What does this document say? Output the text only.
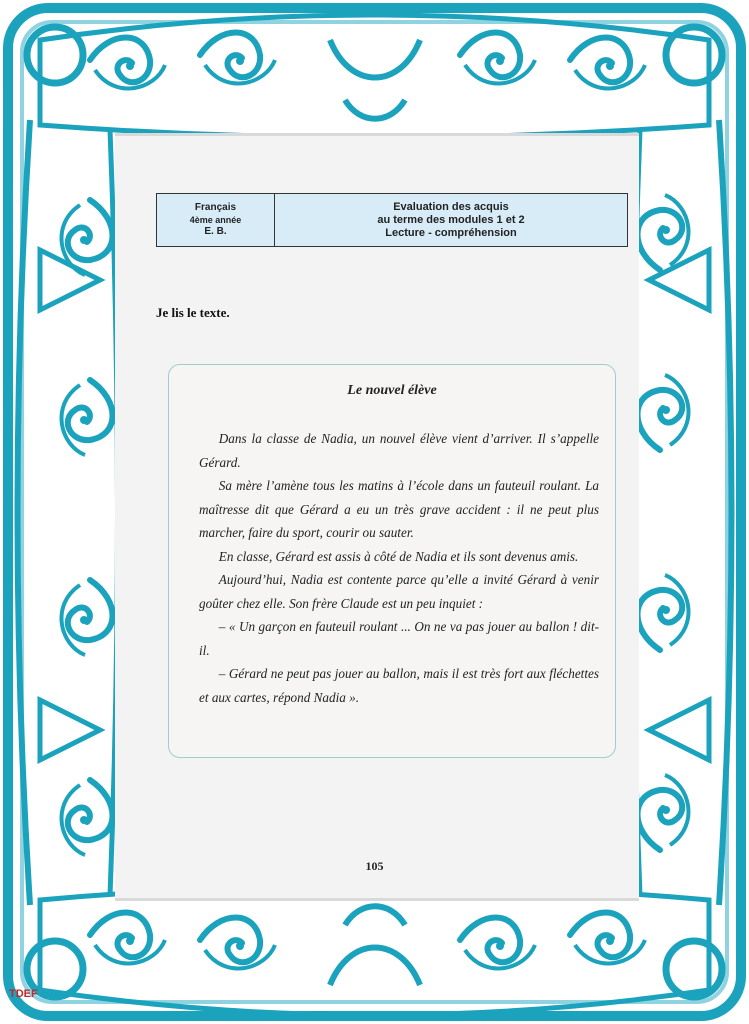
Français
4ème année
E. B.
Evaluation des acquis
au terme des modules 1 et 2
Lecture - compréhension
Je lis le texte.
Le nouvel élève

  Dans la classe de Nadia, un nouvel élève vient d’arriver. Il s’appelle Gérard.

  Sa mère l’amène tous les matins à l’école dans un fauteuil roulant. La maîtresse dit que Gérard a eu un très grave accident : il ne peut plus marcher, faire du sport, courir ou sauter.

  En classe, Gérard est assis à côté de Nadia et ils sont devenus amis.

  Aujourd’hui, Nadia est contente parce qu’elle a invité Gérard à venir goûter chez elle. Son frère Claude est un peu inquiet :

  – « Un garçon en fauteuil roulant ... On ne va pas jouer au ballon ! dit-il.

  – Gérard ne peut pas jouer au ballon, mais il est très fort aux fléchettes et aux cartes, répond Nadia ».

105
TDEF
